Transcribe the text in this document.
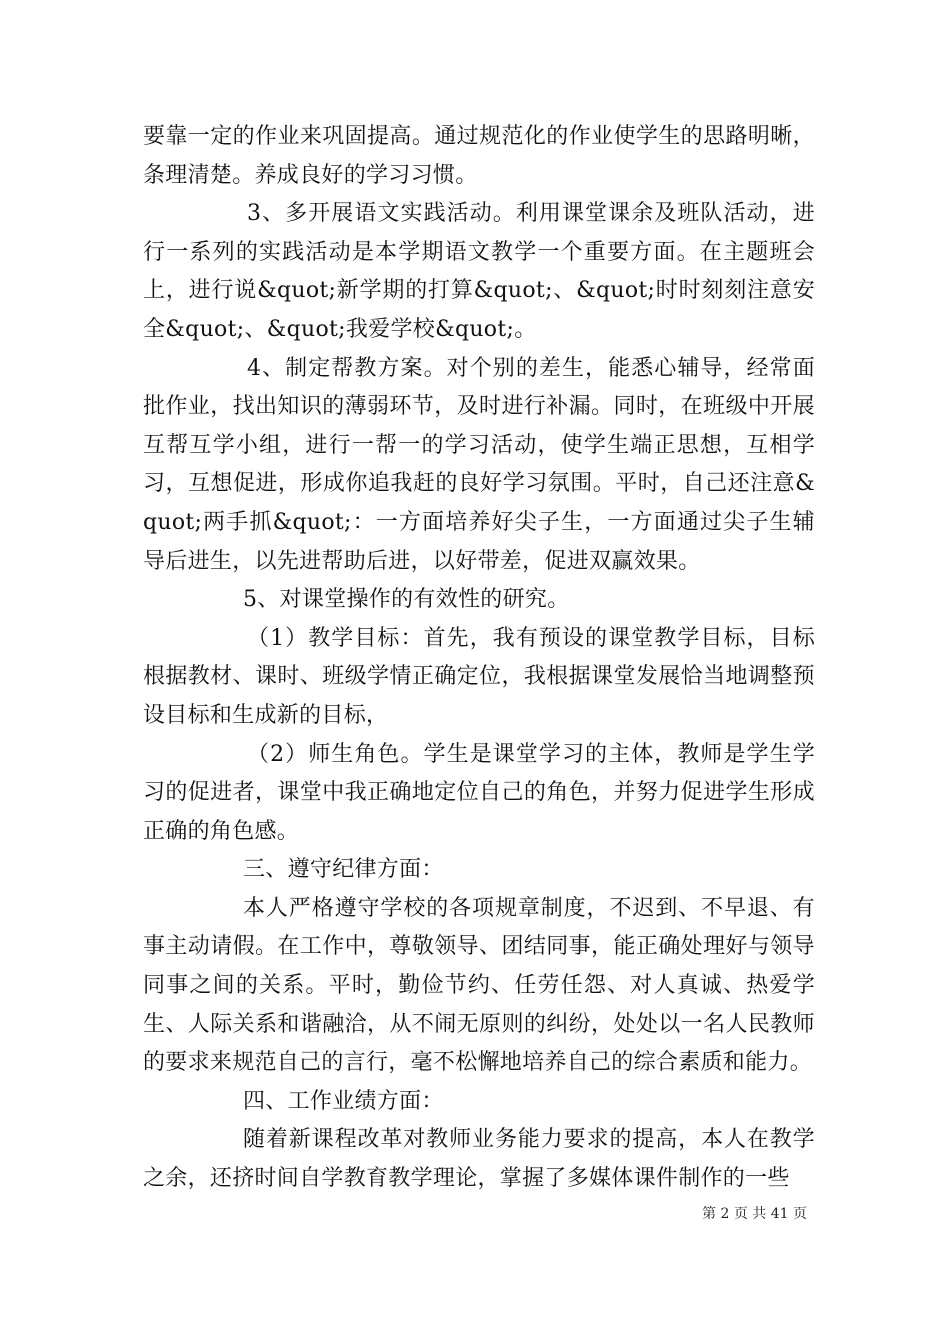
要靠一定的作业来巩固提高。通过规范化的作业使学生的思路明晰，条理清楚。养成良好的学习习惯。

3、多开展语文实践活动。利用课堂课余及班队活动，进行一系列的实践活动是本学期语文教学一个重要方面。在主题班会上，进行说&quot;新学期的打算&quot;、&quot;时时刻刻注意安全&quot;、&quot;我爱学校&quot;。

4、制定帮教方案。对个别的差生，能悉心辅导，经常面批作业，找出知识的薄弱环节，及时进行补漏。同时，在班级中开展互帮互学小组，进行一帮一的学习活动，使学生端正思想，互相学习，互想促进，形成你追我赶的良好学习氛围。平时，自己还注意&quot;两手抓&quot;：一方面培养好尖子生，一方面通过尖子生辅导后进生，以先进帮助后进，以好带差，促进双赢效果。

5、对课堂操作的有效性的研究。

（1）教学目标：首先，我有预设的课堂教学目标，目标根据教材、课时、班级学情正确定位，我根据课堂发展恰当地调整预设目标和生成新的目标，

（2）师生角色。学生是课堂学习的主体，教师是学生学习的促进者，课堂中我正确地定位自己的角色，并努力促进学生形成正确的角色感。

三、遵守纪律方面：

本人严格遵守学校的各项规章制度，不迟到、不早退、有事主动请假。在工作中，尊敬领导、团结同事，能正确处理好与领导同事之间的关系。平时，勤俭节约、任劳任怨、对人真诚、热爱学生、人际关系和谐融洽，从不闹无原则的纠纷，处处以一名人民教师的要求来规范自己的言行，毫不松懈地培养自己的综合素质和能力。

四、工作业绩方面：

随着新课程改革对教师业务能力要求的提高，本人在教学之余，还挤时间自学教育教学理论，掌握了多媒体课件制作的一些

第 2 页 共 41 页
